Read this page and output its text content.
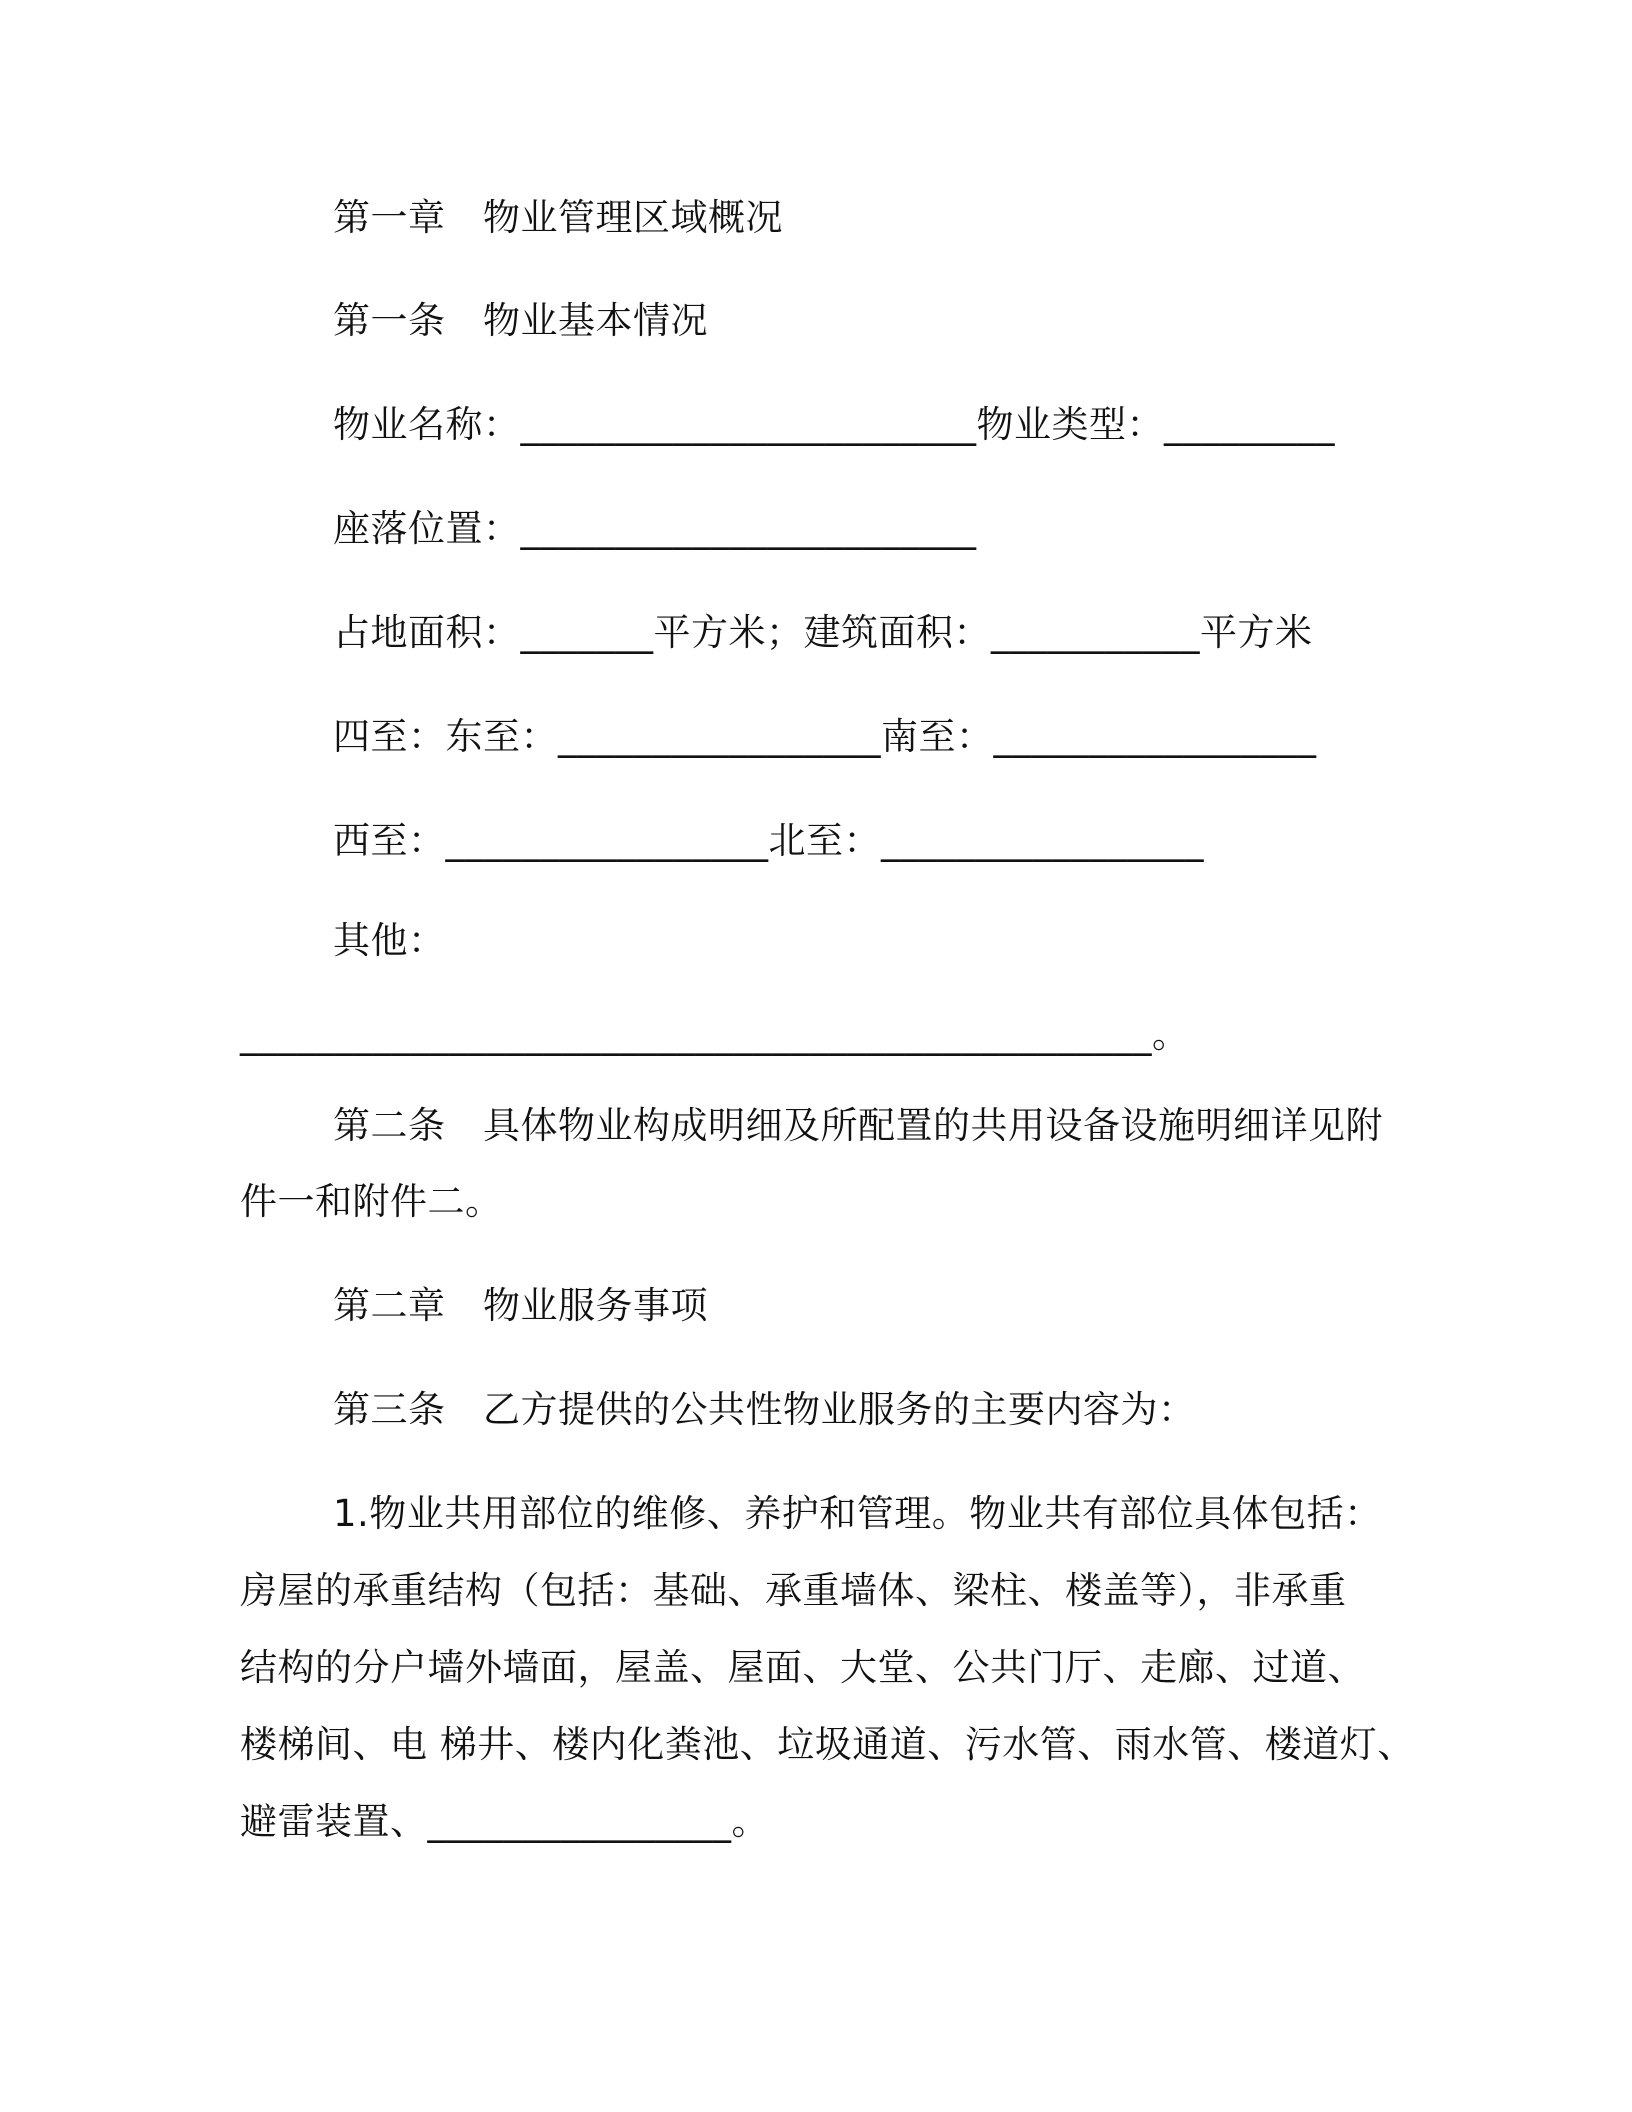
第一章　物业管理区域概况
第一条　物业基本情况
物业名称：________________________物业类型：_________
座落位置：________________________
占地面积：_______平方米；建筑面积：___________平方米
四至：东至：_________________南至：_________________
西至：_________________北至：_________________
其他：
________________________________________________。
第二条　具体物业构成明细及所配置的共用设备设施明细详见附
件一和附件二。
第二章　物业服务事项
第三条　乙方提供的公共性物业服务的主要内容为：
1.物业共用部位的维修、养护和管理。物业共有部位具体包括：
房屋的承重结构（包括：基础、承重墙体、梁柱、楼盖等），非承重
结构的分户墙外墙面，屋盖、屋面、大堂、公共门厅、走廊、过道、
楼梯间、电 梯井、楼内化粪池、垃圾通道、污水管、雨水管、楼道灯、
避雷装置、________________。
